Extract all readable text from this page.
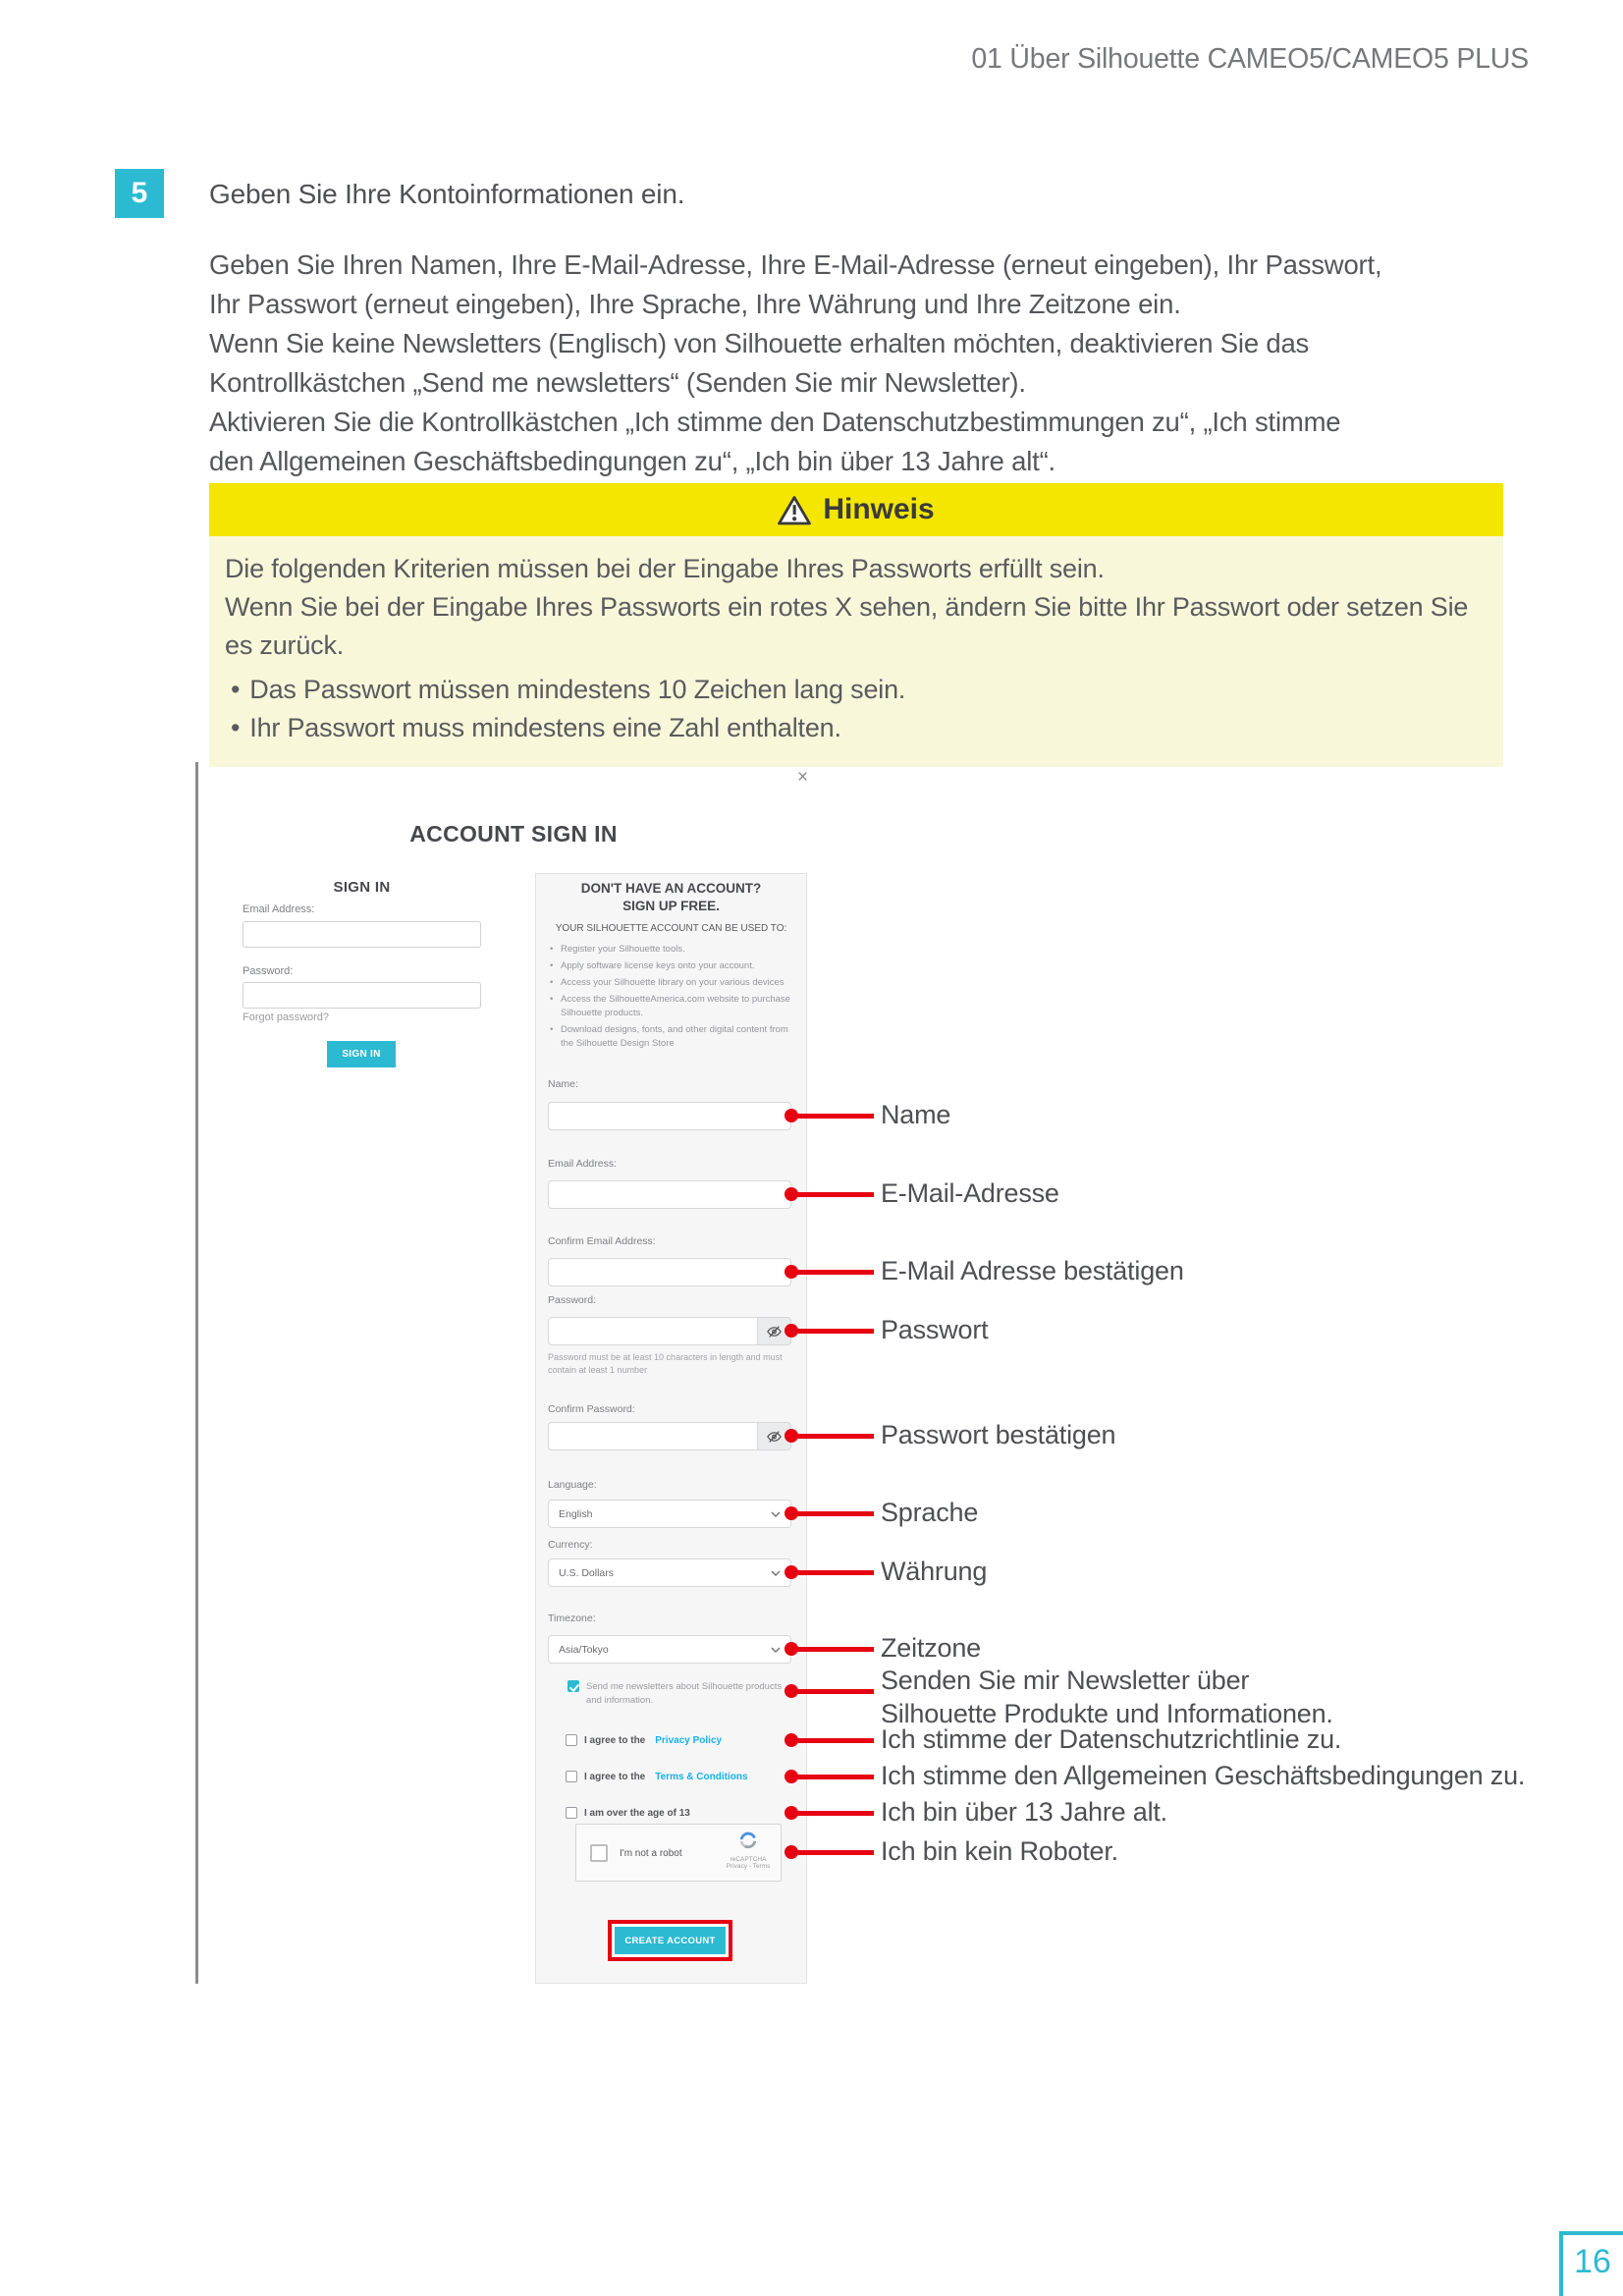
01 Über Silhouette CAMEO5/CAMEO5 PLUS
5	Geben Sie Ihre Kontoinformationen ein.
Geben Sie Ihren Namen, Ihre E-Mail-Adresse, Ihre E-Mail-Adresse (erneut eingeben), Ihr Passwort,
Ihr Passwort (erneut eingeben), Ihre Sprache, Ihre Währung und Ihre Zeitzone ein.
Wenn Sie keine Newsletters (Englisch) von Silhouette erhalten möchten, deaktivieren Sie das
Kontrollkästchen „Send me newsletters“ (Senden Sie mir Newsletter).
Aktivieren Sie die Kontrollkästchen „Ich stimme den Datenschutzbestimmungen zu“, „Ich stimme
den Allgemeinen Geschäftsbedingungen zu“, „Ich bin über 13 Jahre alt“.
Hinweis
Die folgenden Kriterien müssen bei der Eingabe Ihres Passworts erfüllt sein.
Wenn Sie bei der Eingabe Ihres Passworts ein rotes X sehen, ändern Sie bitte Ihr Passwort oder setzen Sie es zurück.
• Das Passwort müssen mindestens 10 Zeichen lang sein.
• Ihr Passwort muss mindestens eine Zahl enthalten.
×
ACCOUNT SIGN IN
SIGN IN
Email Address:
Password:
Forgot password?
SIGN IN
DON'T HAVE AN ACCOUNT?
SIGN UP FREE.
YOUR SILHOUETTE ACCOUNT CAN BE USED TO:
• Register your Silhouette tools.
• Apply software license keys onto your account.
• Access your Silhouette library on your various devices
• Access the SilhouetteAmerica.com website to purchase Silhouette products.
• Download designs, fonts, and other digital content from the Silhouette Design Store
Name:
Email Address:
Confirm Email Address:
Password:
Password must be at least 10 characters in length and must contain at least 1 number
Confirm Password:
Language:
English
Currency:
U.S. Dollars
Timezone:
Asia/Tokyo
Send me newsletters about Silhouette products and information.
I agree to the Privacy Policy
I agree to the Terms & Conditions
I am over the age of 13
I'm not a robot
reCAPTCHA
Privacy - Terms
CREATE ACCOUNT
Name
E-Mail-Adresse
E-Mail Adresse bestätigen
Passwort
Passwort bestätigen
Sprache
Währung
Zeitzone
Senden Sie mir Newsletter über Silhouette Produkte und Informationen.
Ich stimme der Datenschutzrichtlinie zu.
Ich stimme den Allgemeinen Geschäftsbedingungen zu.
Ich bin über 13 Jahre alt.
Ich bin kein Roboter.
16
